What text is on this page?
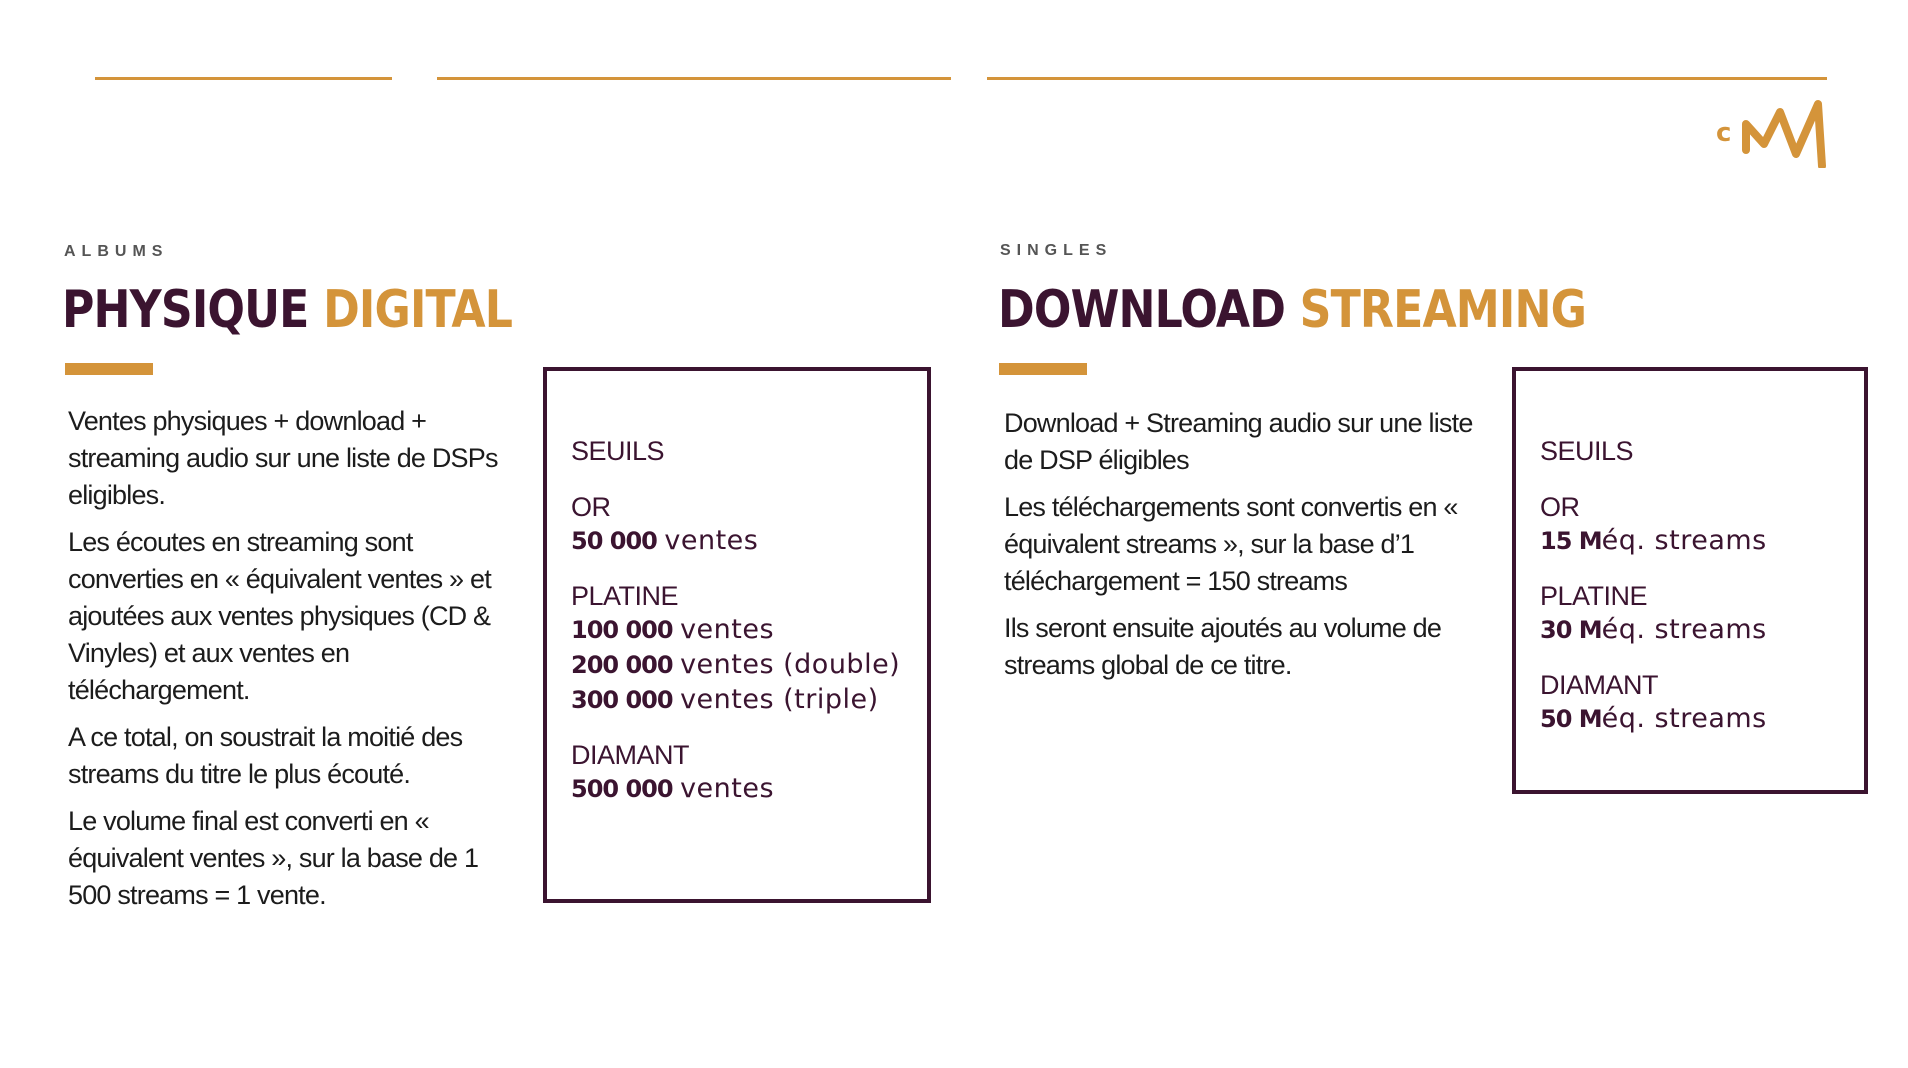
c
ALBUMS
PHYSIQUE DIGITAL

Ventes physiques + download + streaming audio sur une liste de DSPs eligibles.

Les écoutes en streaming sont converties en « équivalent ventes » et ajoutées aux ventes physiques (CD & Vinyles) et aux ventes en téléchargement.

A ce total, on soustrait la moitié des streams du titre le plus écouté.

Le volume final est converti en « équivalent ventes », sur la base de 1 500 streams = 1 vente.

SEUILS
OR
50 000 ventes
PLATINE
100 000 ventes
200 000 ventes (double)
300 000 ventes (triple)
DIAMANT
500 000 ventes
SINGLES
DOWNLOAD STREAMING

Download + Streaming audio sur une liste de DSP éligibles

Les téléchargements sont convertis en « équivalent streams », sur la base d’1 téléchargement = 150 streams

Ils seront ensuite ajoutés au volume de streams global de ce titre.

SEUILS
OR
15 Méq. streams
PLATINE
30 Méq. streams
DIAMANT
50 Méq. streams
